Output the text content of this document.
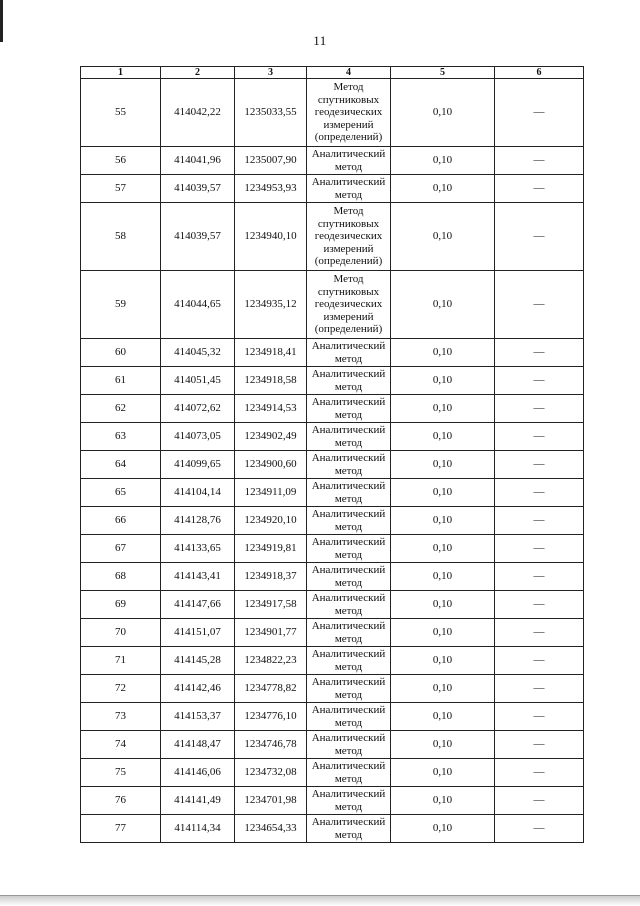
11
1	2	3	4	5	6
55	414042,22	1235033,55	Метод спутниковых геодезических измерений (определений)	0,10	—
56	414041,96	1235007,90	Аналитический метод	0,10	—
57	414039,57	1234953,93	Аналитический метод	0,10	—
58	414039,57	1234940,10	Метод спутниковых геодезических измерений (определений)	0,10	—
59	414044,65	1234935,12	Метод спутниковых геодезических измерений (определений)	0,10	—
60	414045,32	1234918,41	Аналитический метод	0,10	—
61	414051,45	1234918,58	Аналитический метод	0,10	—
62	414072,62	1234914,53	Аналитический метод	0,10	—
63	414073,05	1234902,49	Аналитический метод	0,10	—
64	414099,65	1234900,60	Аналитический метод	0,10	—
65	414104,14	1234911,09	Аналитический метод	0,10	—
66	414128,76	1234920,10	Аналитический метод	0,10	—
67	414133,65	1234919,81	Аналитический метод	0,10	—
68	414143,41	1234918,37	Аналитический метод	0,10	—
69	414147,66	1234917,58	Аналитический метод	0,10	—
70	414151,07	1234901,77	Аналитический метод	0,10	—
71	414145,28	1234822,23	Аналитический метод	0,10	—
72	414142,46	1234778,82	Аналитический метод	0,10	—
73	414153,37	1234776,10	Аналитический метод	0,10	—
74	414148,47	1234746,78	Аналитический метод	0,10	—
75	414146,06	1234732,08	Аналитический метод	0,10	—
76	414141,49	1234701,98	Аналитический метод	0,10	—
77	414114,34	1234654,33	Аналитический метод	0,10	—
